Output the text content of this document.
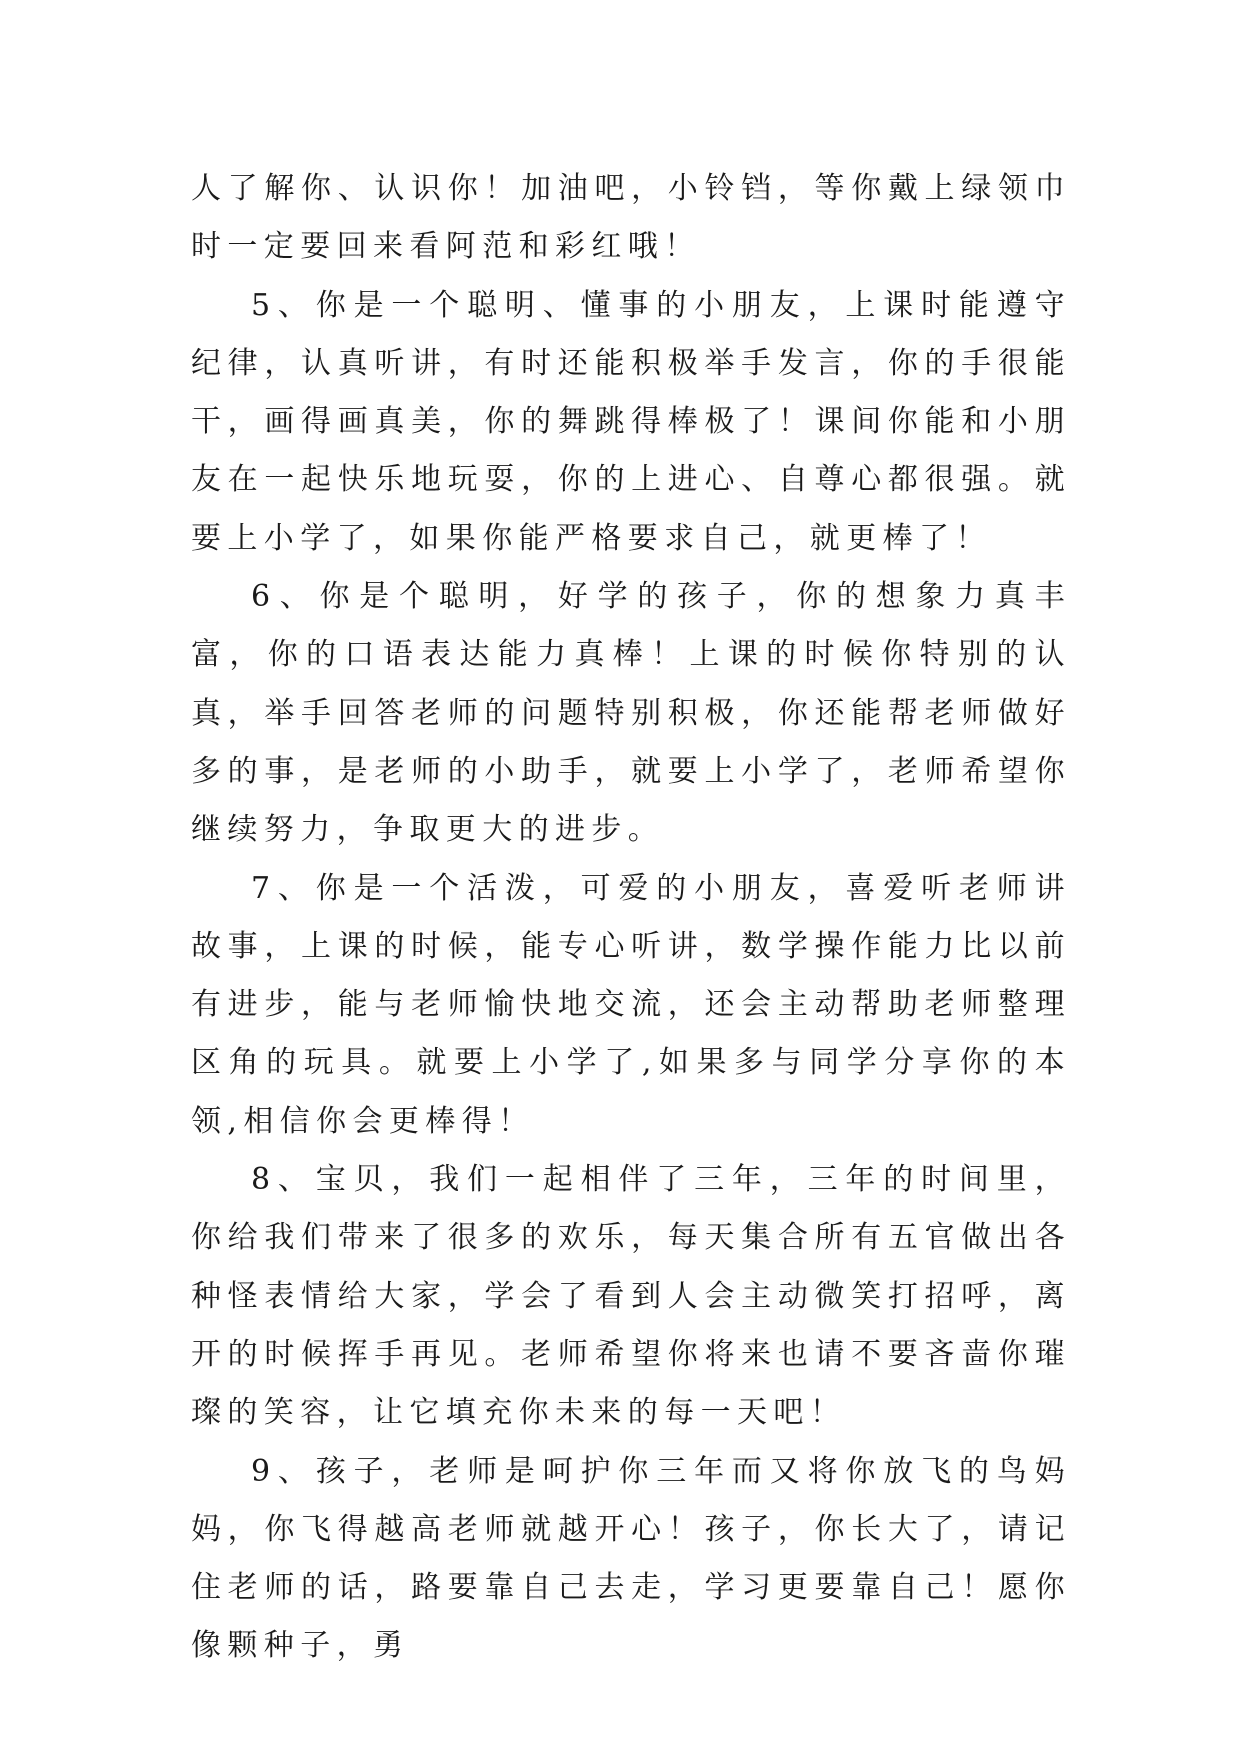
人了解你、认识你！加油吧，小铃铛，等你戴上绿领巾时一定要回来看阿范和彩红哦！

5、你是一个聪明、懂事的小朋友，上课时能遵守纪律，认真听讲，有时还能积极举手发言，你的手很能干，画得画真美，你的舞跳得棒极了！课间你能和小朋友在一起快乐地玩耍，你的上进心、自尊心都很强。就要上小学了，如果你能严格要求自己，就更棒了！

6、你是个聪明，好学的孩子，你的想象力真丰富，你的口语表达能力真棒！上课的时候你特别的认真，举手回答老师的问题特别积极，你还能帮老师做好多的事，是老师的小助手，就要上小学了，老师希望你继续努力，争取更大的进步。

7、你是一个活泼，可爱的小朋友，喜爱听老师讲故事，上课的时候，能专心听讲，数学操作能力比以前有进步，能与老师愉快地交流，还会主动帮助老师整理区角的玩具。就要上小学了,如果多与同学分享你的本领,相信你会更棒得！

8、宝贝，我们一起相伴了三年，三年的时间里，你给我们带来了很多的欢乐，每天集合所有五官做出各种怪表情给大家，学会了看到人会主动微笑打招呼，离开的时候挥手再见。老师希望你将来也请不要吝啬你璀璨的笑容，让它填充你未来的每一天吧！

9、孩子，老师是呵护你三年而又将你放飞的鸟妈妈，你飞得越高老师就越开心！孩子，你长大了，请记住老师的话，路要靠自己去走，学习更要靠自己！愿你像颗种子，勇
